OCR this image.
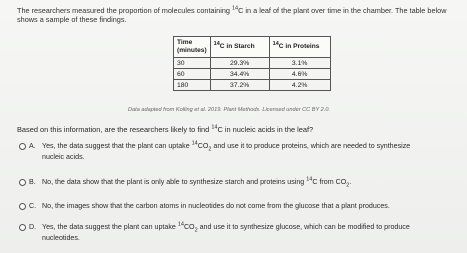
The researchers measured the proportion of molecules containing $^{14}$C in a leaf of the plant over time in the chamber. The table below shows a sample of these findings.
Time (minutes)	$^{14}$C in Starch	$^{14}$C in Proteins
30	29.3%	3.1%
60	34.4%	4.6%
180	37.2%	4.2%
Data adapted from Kolling et al. 2019. Plant Methods. Licensed under CC BY 2.0.
Based on this information, are the researchers likely to find $^{14}$C in nucleic acids in the leaf?
A. Yes, the data suggest that the plant can uptake $^{14}CO_2$ and use it to produce proteins, which are needed to synthesize
nucleic acids.
B. No, the data show that the plant is only able to synthesize starch and proteins using $^{14}$C from $CO_2$.
C. No, the images show that the carbon atoms in nucleotides do not come from the glucose that a plant produces.
D. Yes, the data suggest the plant can uptake $^{14}CO_2$ and use it to synthesize glucose, which can be modified to produce
nucleotides.
